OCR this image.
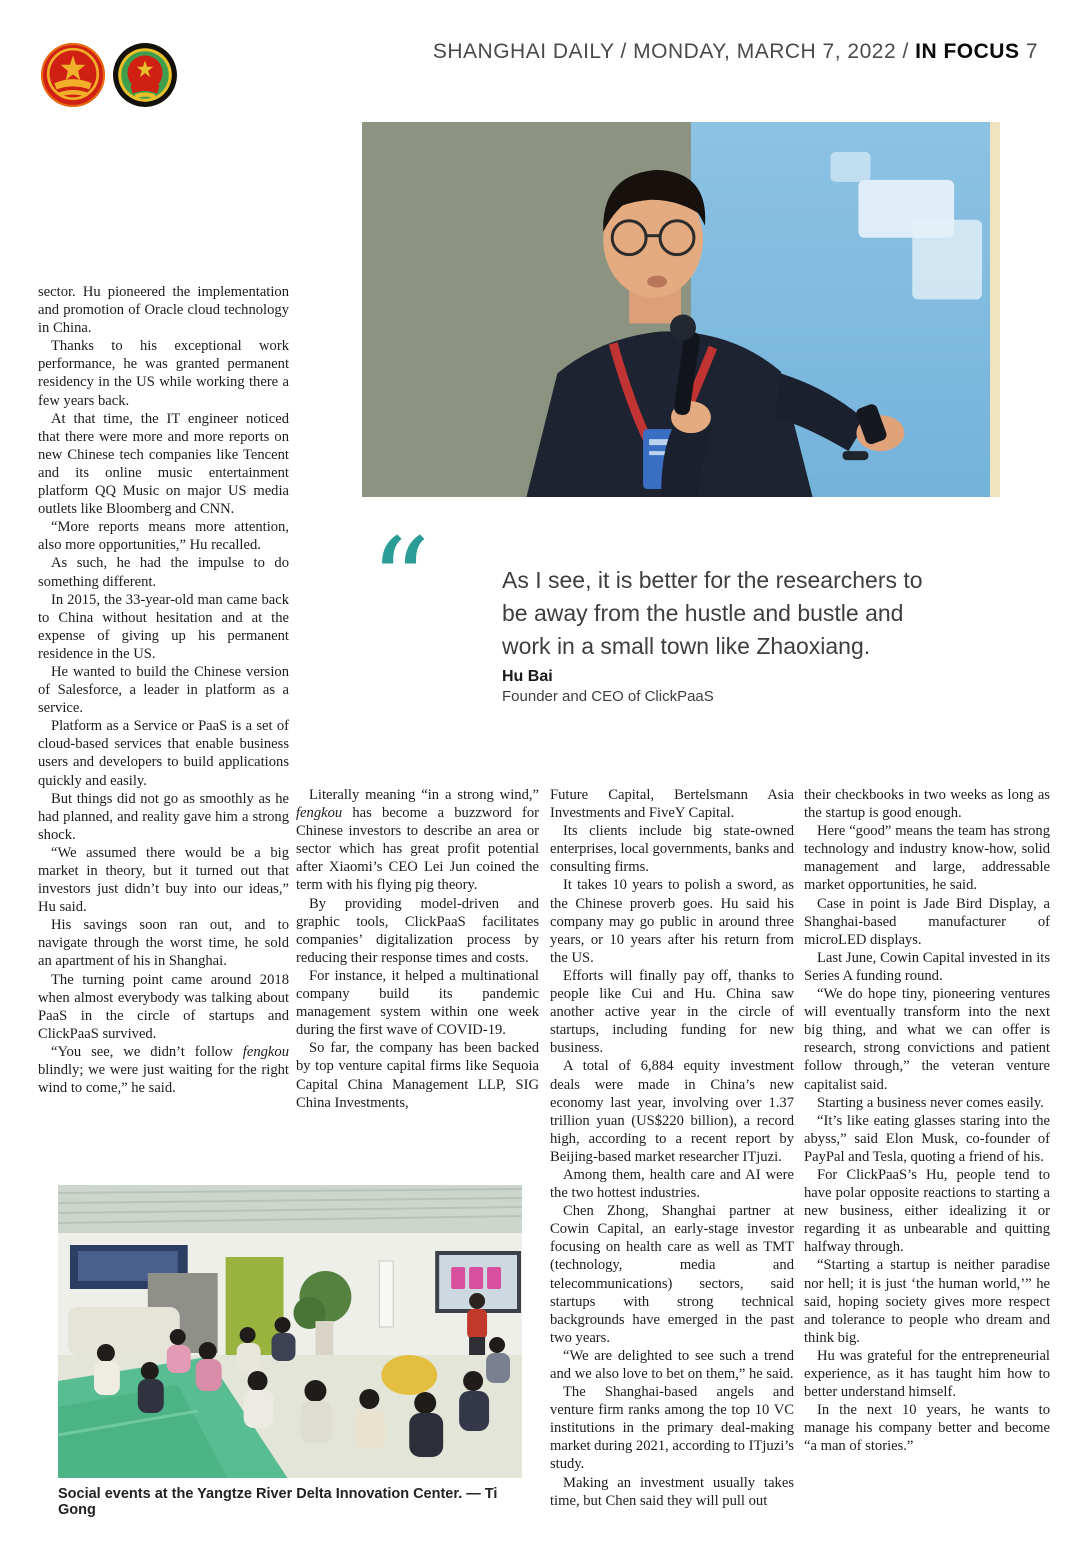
SHANGHAI DAILY / MONDAY, MARCH 7, 2022 / IN FOCUS 7
“	As I see, it is better for the researchers to be away from the hustle and bustle and work in a small town like Zhaoxiang.
Hu Bai
Founder and CEO of ClickPaaS

sector. Hu pioneered the implementation and promotion of Oracle cloud technology in China.

Thanks to his exceptional work performance, he was granted permanent residency in the US while working there a few years back.

At that time, the IT engineer noticed that there were more and more reports on new Chinese tech companies like Tencent and its online music entertainment platform QQ Music on major US media outlets like Bloomberg and CNN.

“More reports means more attention, also more opportunities,” Hu recalled.

As such, he had the impulse to do something different.

In 2015, the 33-year-old man came back to China without hesitation and at the expense of giving up his permanent residence in the US.

He wanted to build the Chinese version of Salesforce, a leader in platform as a service.

Platform as a Service or PaaS is a set of cloud-based services that enable business users and developers to build applications quickly and easily.

But things did not go as smoothly as he had planned, and reality gave him a strong shock.

“We assumed there would be a big market in theory, but it turned out that investors just didn’t buy into our ideas,” Hu said.

His savings soon ran out, and to navigate through the worst time, he sold an apartment of his in Shanghai.

The turning point came around 2018 when almost everybody was talking about PaaS in the circle of startups and ClickPaaS survived.

“You see, we didn’t follow fengkou blindly; we were just waiting for the right wind to come,” he said.

Literally meaning “in a strong wind,” fengkou has become a buzzword for Chinese investors to describe an area or sector which has great profit potential after Xiaomi’s CEO Lei Jun coined the term with his flying pig theory.

By providing model-driven and graphic tools, ClickPaaS facilitates companies’ digitalization process by reducing their response times and costs.

For instance, it helped a multinational company build its pandemic management system within one week during the first wave of COVID-19.

So far, the company has been backed by top venture capital firms like Sequoia Capital China Management LLP, SIG China Investments,

Future Capital, Bertelsmann Asia Investments and FiveY Capital.

Its clients include big state-owned enterprises, local governments, banks and consulting firms.

It takes 10 years to polish a sword, as the Chinese proverb goes. Hu said his company may go public in around three years, or 10 years after his return from the US.

Efforts will finally pay off, thanks to people like Cui and Hu. China saw another active year in the circle of startups, including funding for new business.

A total of 6,884 equity investment deals were made in China’s new economy last year, involving over 1.37 trillion yuan (US$220 billion), a record high, according to a recent report by Beijing-based market researcher ITjuzi.

Among them, health care and AI were the two hottest industries.

Chen Zhong, Shanghai partner at Cowin Capital, an early-stage investor focusing on health care as well as TMT (technology, media and telecommunications) sectors, said startups with strong technical backgrounds have emerged in the past two years.

“We are delighted to see such a trend and we also love to bet on them,” he said.

The Shanghai-based angels and venture firm ranks among the top 10 VC institutions in the primary deal-making market during 2021, according to ITjuzi’s study.

Making an investment usually takes time, but Chen said they will pull out

their checkbooks in two weeks as long as the startup is good enough.

Here “good” means the team has strong technology and industry know-how, solid management and large, addressable market opportunities, he said.

Case in point is Jade Bird Display, a Shanghai-based manufacturer of microLED displays.

Last June, Cowin Capital invested in its Series A funding round.

“We do hope tiny, pioneering ventures will eventually transform into the next big thing, and what we can offer is research, strong convictions and patient follow through,” the veteran venture capitalist said.

Starting a business never comes easily.

“It’s like eating glasses staring into the abyss,” said Elon Musk, co-founder of PayPal and Tesla, quoting a friend of his.

For ClickPaaS’s Hu, people tend to have polar opposite reactions to starting a new business, either idealizing it or regarding it as unbearable and quitting halfway through.

“Starting a startup is neither paradise nor hell; it is just ‘the human world,’” he said, hoping society gives more respect and tolerance to people who dream and think big.

Hu was grateful for the entrepreneurial experience, as it has taught him how to better understand himself.

In the next 10 years, he wants to manage his company better and become “a man of stories.”

Social events at the Yangtze River Delta Innovation Center. — Ti Gong
